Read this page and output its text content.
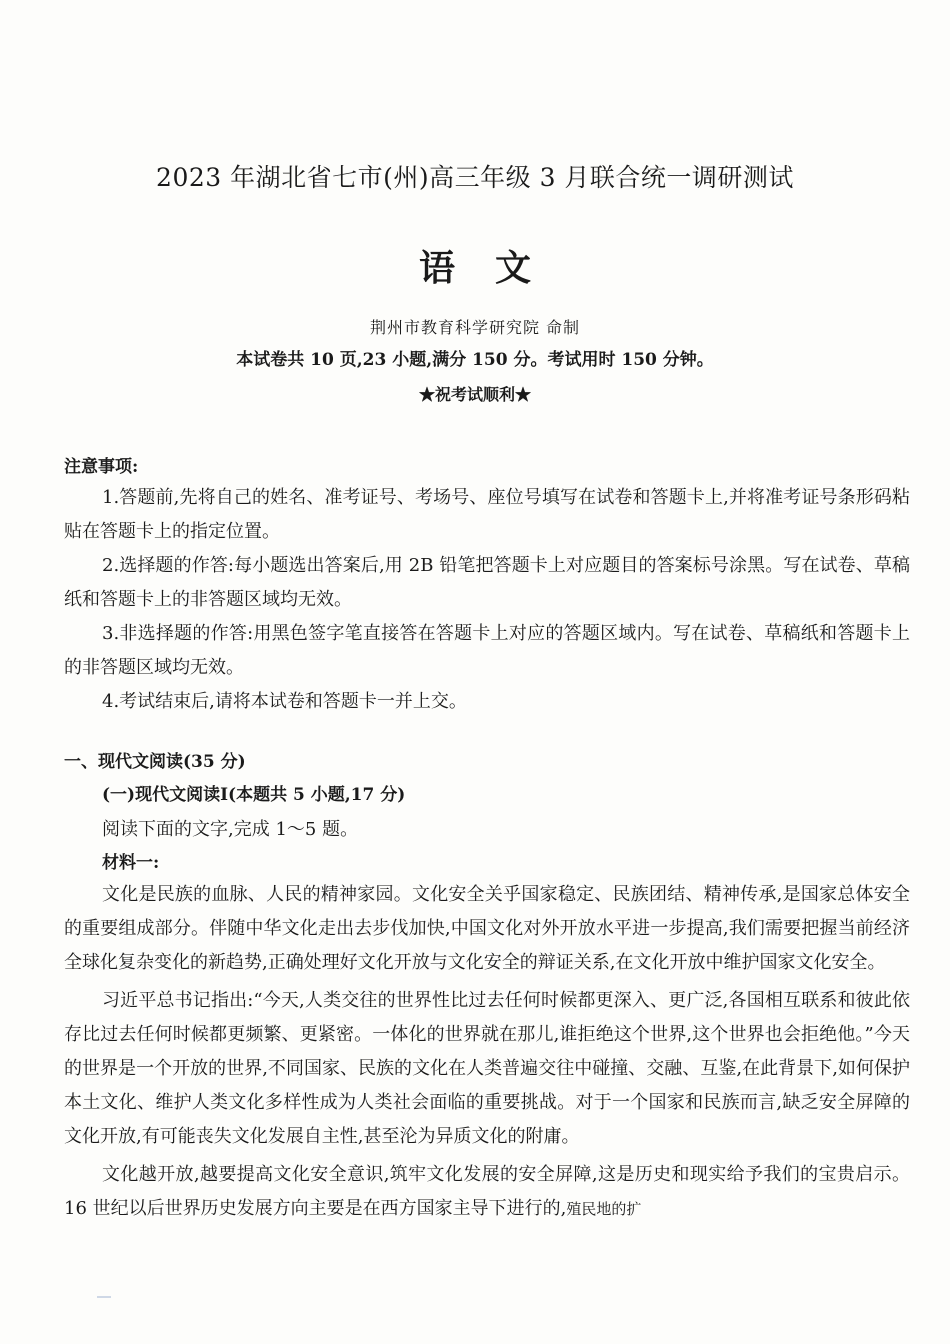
2023 年湖北省七市(州)高三年级 3 月联合统一调研测试
语文
荆州市教育科学研究院 命制
本试卷共 10 页,23 小题,满分 150 分。考试用时 150 分钟。
★祝考试顺利★
注意事项:

1.答题前,先将自己的姓名、准考证号、考场号、座位号填写在试卷和答题卡上,并将准考证号条形码粘贴在答题卡上的指定位置。

2.选择题的作答:每小题选出答案后,用 2B 铅笔把答题卡上对应题目的答案标号涂黑。写在试卷、草稿纸和答题卡上的非答题区域均无效。

3.非选择题的作答:用黑色签字笔直接答在答题卡上对应的答题区域内。写在试卷、草稿纸和答题卡上的非答题区域均无效。

4.考试结束后,请将本试卷和答题卡一并上交。

一、现代文阅读(35 分)
(一)现代文阅读Ⅰ(本题共 5 小题,17 分)
阅读下面的文字,完成 1～5 题。
材料一:

文化是民族的血脉、人民的精神家园。文化安全关乎国家稳定、民族团结、精神传承,是国家总体安全的重要组成部分。伴随中华文化走出去步伐加快,中国文化对外开放水平进一步提高,我们需要把握当前经济全球化复杂变化的新趋势,正确处理好文化开放与文化安全的辩证关系,在文化开放中维护国家文化安全。

习近平总书记指出:“今天,人类交往的世界性比过去任何时候都更深入、更广泛,各国相互联系和彼此依存比过去任何时候都更频繁、更紧密。一体化的世界就在那儿,谁拒绝这个世界,这个世界也会拒绝他。”今天的世界是一个开放的世界,不同国家、民族的文化在人类普遍交往中碰撞、交融、互鉴,在此背景下,如何保护本土文化、维护人类文化多样性成为人类社会面临的重要挑战。对于一个国家和民族而言,缺乏安全屏障的文化开放,有可能丧失文化发展自主性,甚至沦为异质文化的附庸。

文化越开放,越要提高文化安全意识,筑牢文化发展的安全屏障,这是历史和现实给予我们的宝贵启示。16 世纪以后世界历史发展方向主要是在西方国家主导下进行的,殖民地的扩
